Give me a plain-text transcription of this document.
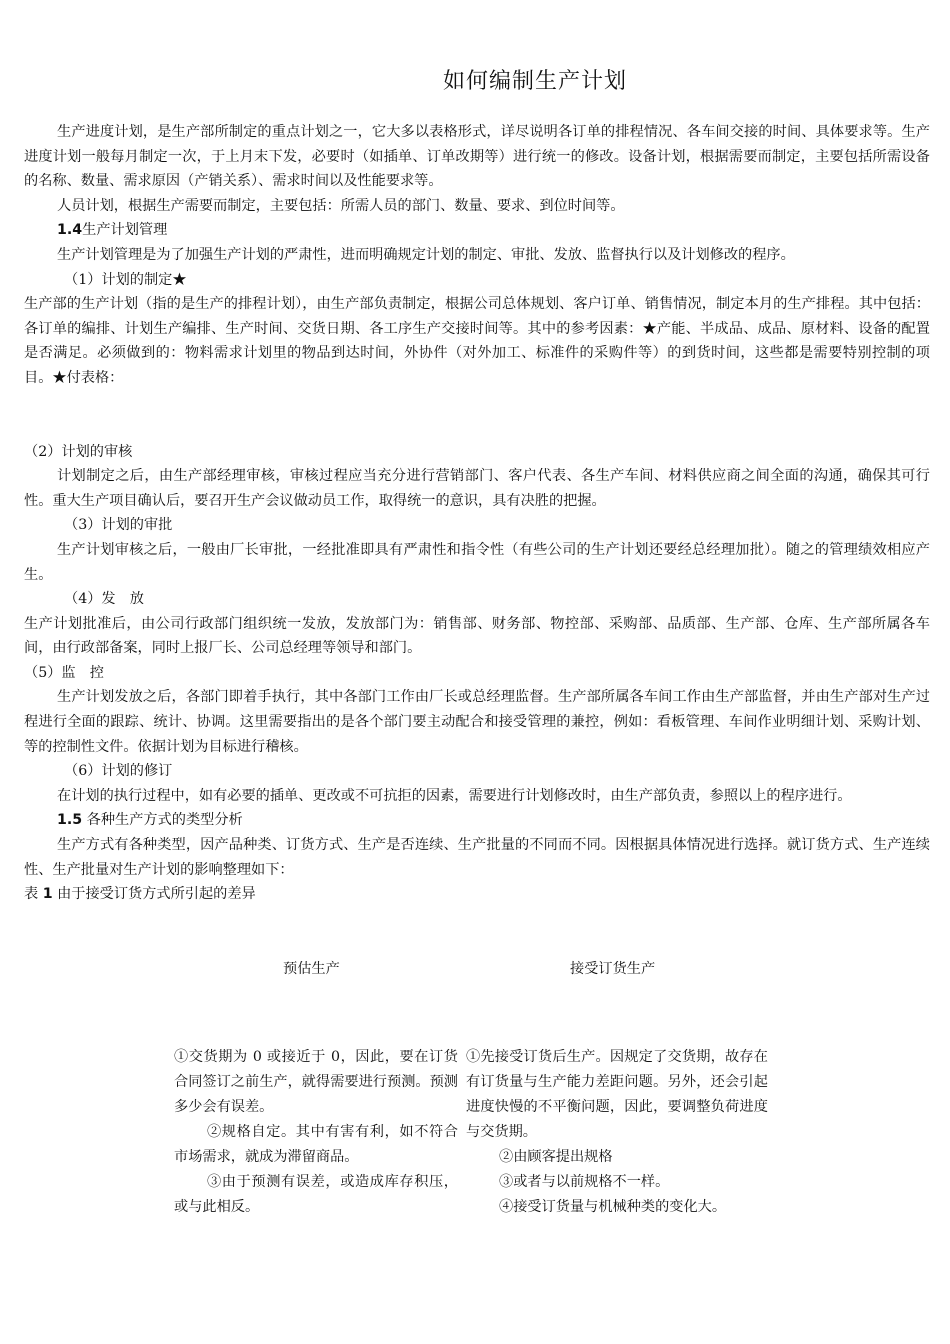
如何编制生产计划

生产进度计划，是生产部所制定的重点计划之一，它大多以表格形式，详尽说明各订单的排程情况、各车间交接的时间、具体要求等。生产进度计划一般每月制定一次，于上月末下发，必要时（如插单、订单改期等）进行统一的修改。设备计划，根据需要而制定，主要包括所需设备的名称、数量、需求原因（产销关系）、需求时间以及性能要求等。

人员计划，根据生产需要而制定，主要包括：所需人员的部门、数量、要求、到位时间等。

1.4生产计划管理

生产计划管理是为了加强生产计划的严肃性，进而明确规定计划的制定、审批、发放、监督执行以及计划修改的程序。

（1）计划的制定★

生产部的生产计划（指的是生产的排程计划），由生产部负责制定，根据公司总体规划、客户订单、销售情况，制定本月的生产排程。其中包括：各订单的编排、计划生产编排、生产时间、交货日期、各工序生产交接时间等。其中的参考因素：★产能、半成品、成品、原材料、设备的配置是否满足。必须做到的：物料需求计划里的物品到达时间，外协件（对外加工、标准件的采购件等）的到货时间，这些都是需要特别控制的项目。★付表格：

（2）计划的审核

计划制定之后，由生产部经理审核，审核过程应当充分进行营销部门、客户代表、各生产车间、材料供应商之间全面的沟通，确保其可行性。重大生产项目确认后，要召开生产会议做动员工作，取得统一的意识，具有决胜的把握。

（3）计划的审批

生产计划审核之后，一般由厂长审批，一经批准即具有严肃性和指令性（有些公司的生产计划还要经总经理加批）。随之的管理绩效相应产生。

（4）发　放

生产计划批准后，由公司行政部门组织统一发放，发放部门为：销售部、财务部、物控部、采购部、品质部、生产部、仓库、生产部所属各车间，由行政部备案，同时上报厂长、公司总经理等领导和部门。

（5）监　控

生产计划发放之后，各部门即着手执行，其中各部门工作由厂长或总经理监督。生产部所属各车间工作由生产部监督，并由生产部对生产过程进行全面的跟踪、统计、协调。这里需要指出的是各个部门要主动配合和接受管理的兼控，例如：看板管理、车间作业明细计划、采购计划、等的控制性文件。依据计划为目标进行稽核。

（6）计划的修订

在计划的执行过程中，如有必要的插单、更改或不可抗拒的因素，需要进行计划修改时，由生产部负责，参照以上的程序进行。

1.5 各种生产方式的类型分析

生产方式有各种类型，因产品种类、订货方式、生产是否连续、生产批量的不同而不同。因根据具体情况进行选择。就订货方式、生产连续性、生产批量对生产计划的影响整理如下：

表 1 由于接受订货方式所引起的差异

预估生产	接受订货生产

①交货期为 0 或接近于 0，因此，要在订货合同签订之前生产，就得需要进行预测。预测多少会有误差。

②规格自定。其中有害有利，如不符合市场需求，就成为滞留商品。

③由于预测有误差，或造成库存积压，或与此相反。

①先接受订货后生产。因规定了交货期，故存在有订货量与生产能力差距问题。另外，还会引起进度快慢的不平衡问题，因此，要调整负荷进度与交货期。

②由顾客提出规格

③或者与以前规格不一样。

④接受订货量与机械种类的变化大。
